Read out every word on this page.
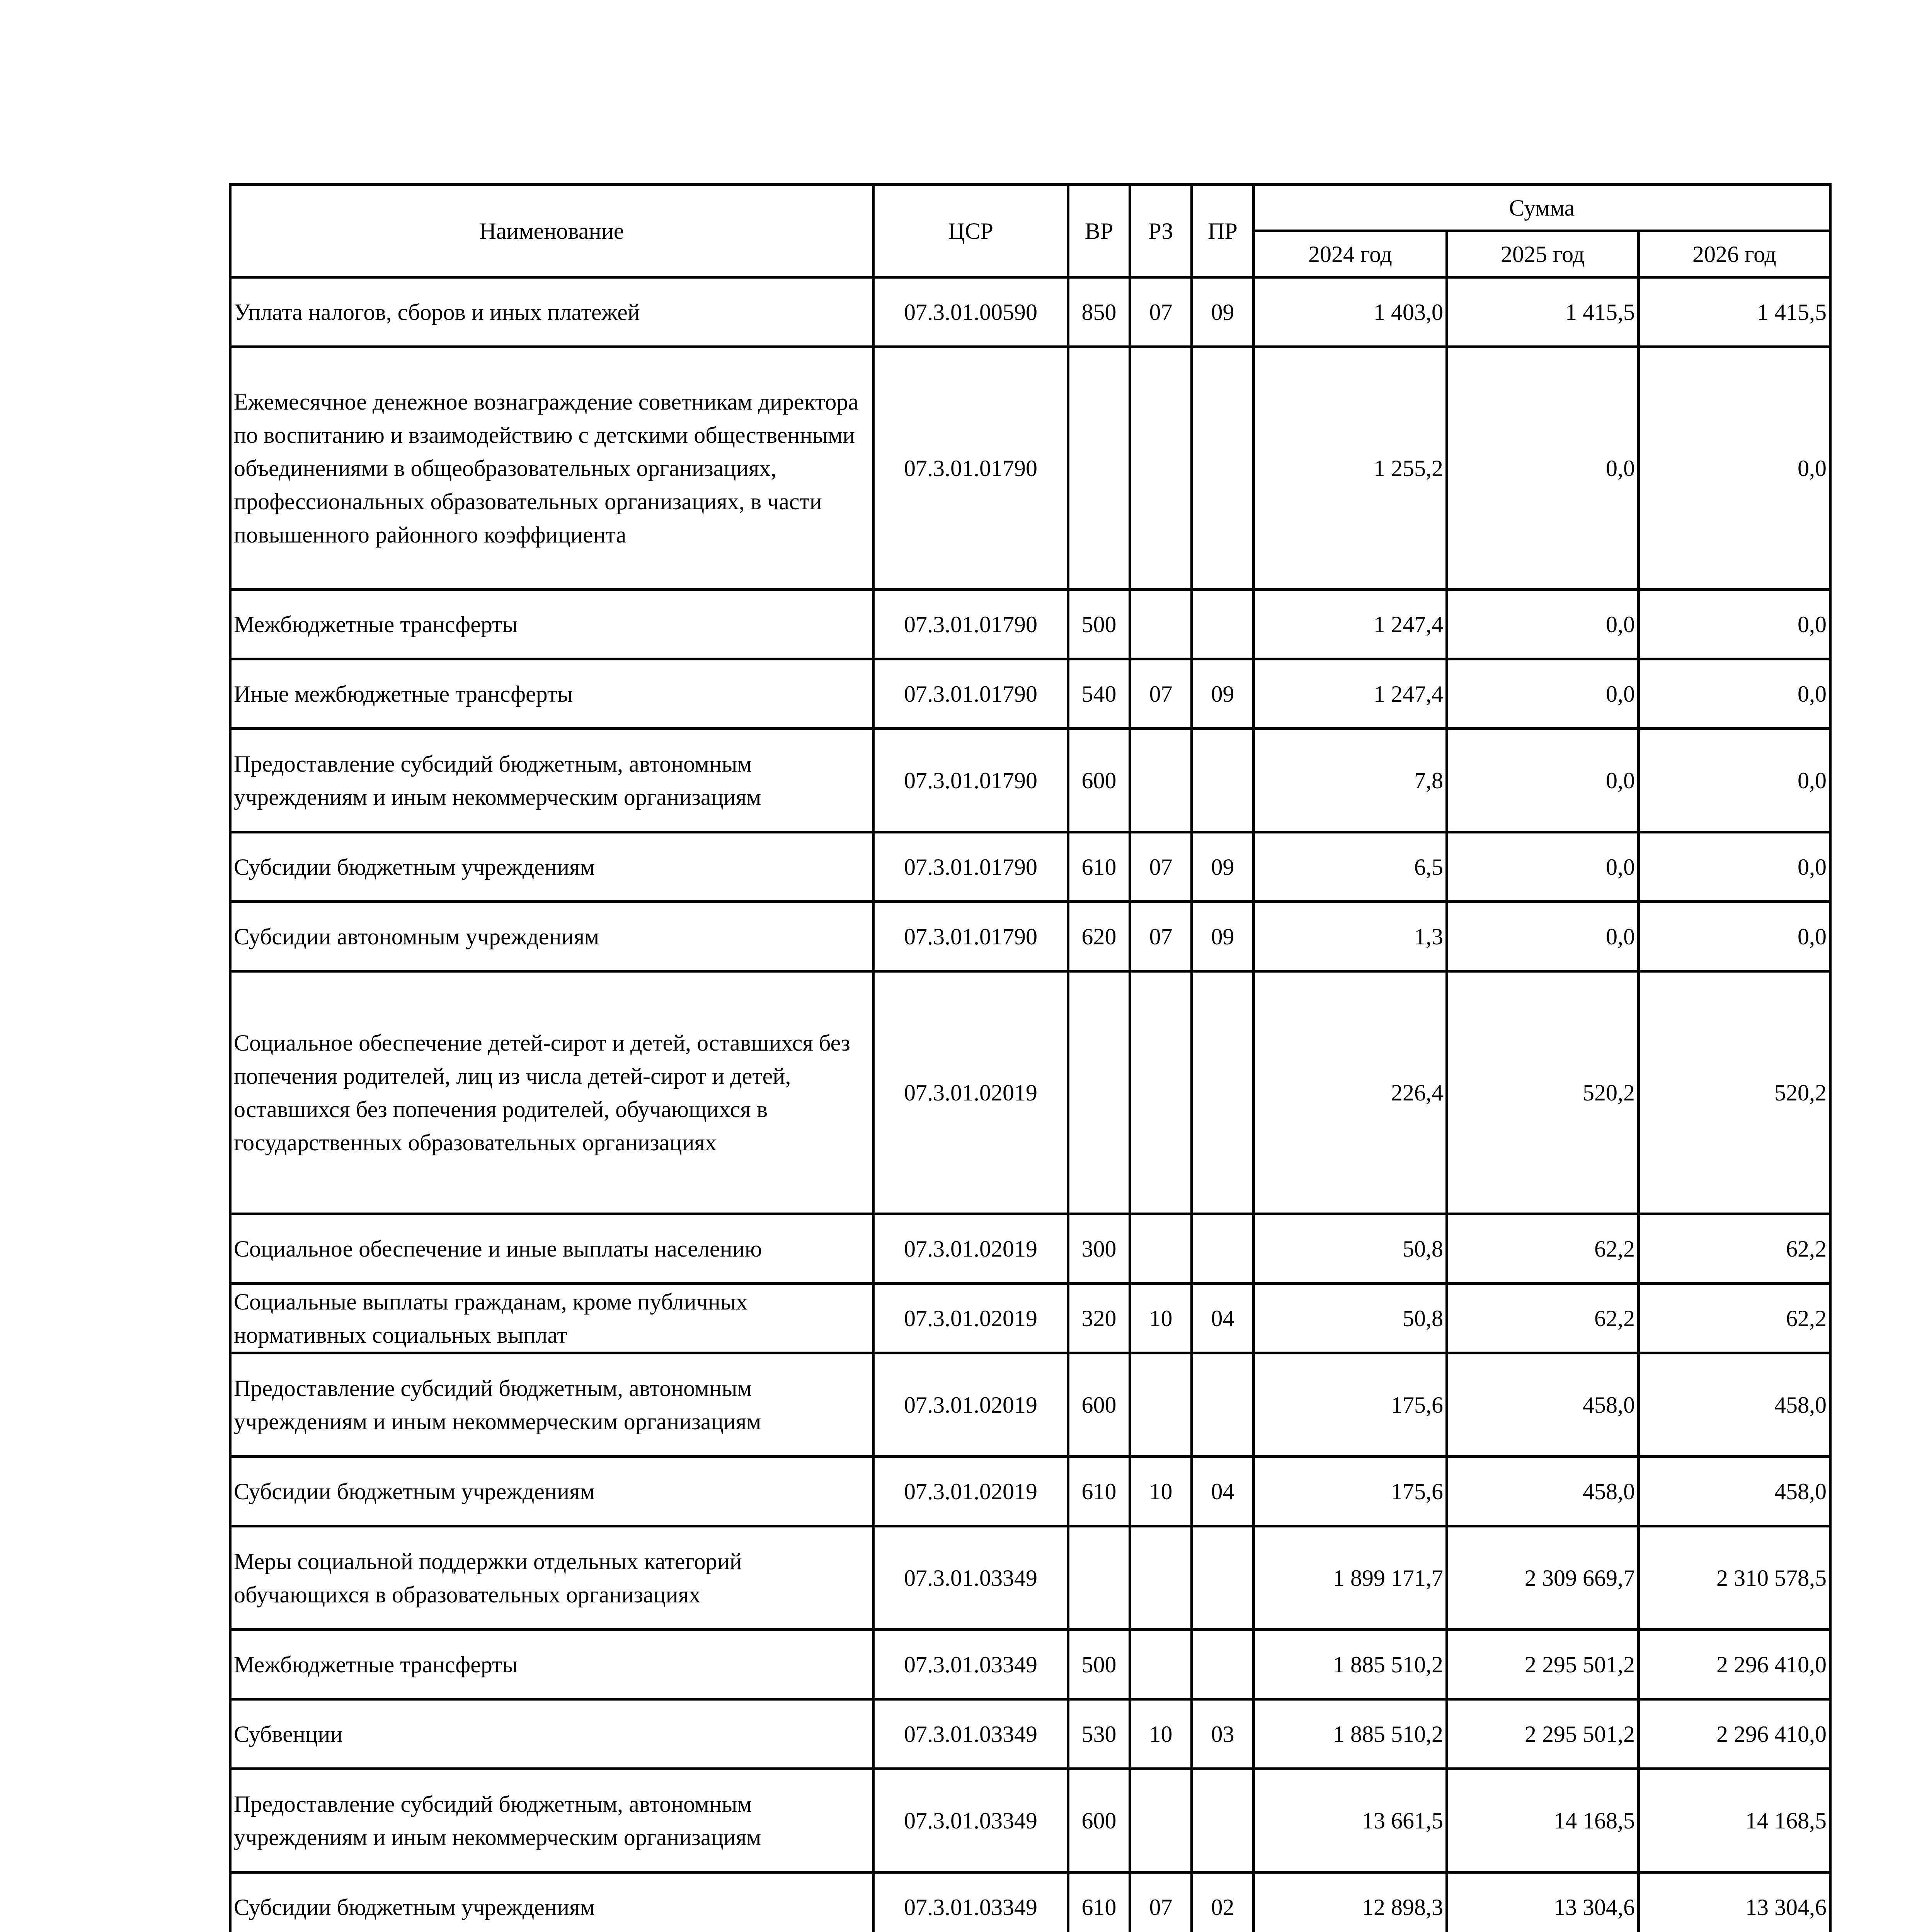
Наименование	ЦСР	ВР	РЗ	ПР	Сумма		
					2024 год	2025 год	2026 год
Уплата налогов, сборов и иных платежей	07.3.01.00590	850	07	09	1 403,0	1 415,5	1 415,5
Ежемесячное денежное вознаграждение советникам директора по воспитанию и взаимодействию с детскими общественными объединениями в общеобразовательных организациях, профессиональных образовательных организациях, в части повышенного районного коэффициента	07.3.01.01790				1 255,2	0,0	0,0
Межбюджетные трансферты	07.3.01.01790	500			1 247,4	0,0	0,0
Иные межбюджетные трансферты	07.3.01.01790	540	07	09	1 247,4	0,0	0,0
Предоставление субсидий бюджетным, автономным учреждениям и иным некоммерческим организациям	07.3.01.01790	600			7,8	0,0	0,0
Субсидии бюджетным учреждениям	07.3.01.01790	610	07	09	6,5	0,0	0,0
Субсидии автономным учреждениям	07.3.01.01790	620	07	09	1,3	0,0	0,0
Социальное обеспечение детей-сирот и детей, оставшихся без попечения родителей, лиц из числа детей-сирот и детей, оставшихся без попечения родителей, обучающихся в государственных образовательных организациях	07.3.01.02019				226,4	520,2	520,2
Социальное обеспечение и иные выплаты населению	07.3.01.02019	300			50,8	62,2	62,2
Социальные выплаты гражданам, кроме публичных нормативных социальных выплат	07.3.01.02019	320	10	04	50,8	62,2	62,2
Предоставление субсидий бюджетным, автономным учреждениям и иным некоммерческим организациям	07.3.01.02019	600			175,6	458,0	458,0
Субсидии бюджетным учреждениям	07.3.01.02019	610	10	04	175,6	458,0	458,0
Меры социальной поддержки отдельных категорий обучающихся в образовательных организациях	07.3.01.03349				1 899 171,7	2 309 669,7	2 310 578,5
Межбюджетные трансферты	07.3.01.03349	500			1 885 510,2	2 295 501,2	2 296 410,0
Субвенции	07.3.01.03349	530	10	03	1 885 510,2	2 295 501,2	2 296 410,0
Предоставление субсидий бюджетным, автономным учреждениям и иным некоммерческим организациям	07.3.01.03349	600			13 661,5	14 168,5	14 168,5
Субсидии бюджетным учреждениям	07.3.01.03349	610	07	02	12 898,3	13 304,6	13 304,6
